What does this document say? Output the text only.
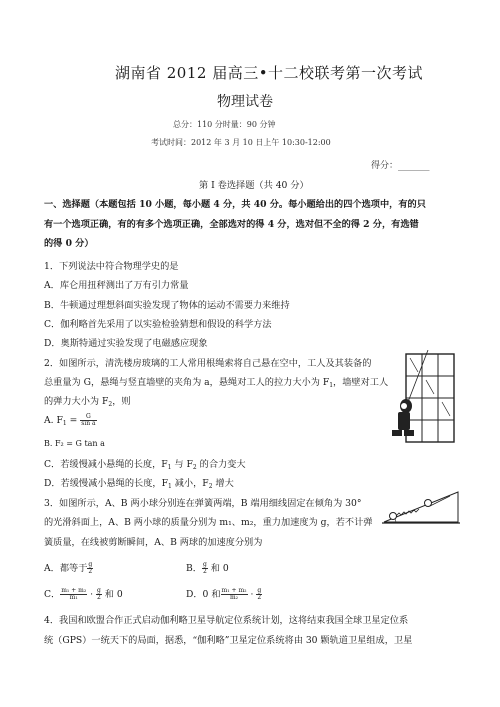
湖南省 2012 届高三•十二校联考第一次考试
物理试卷
总分：110 分时量：90 分钟
考试时间：2012 年 3 月 10 日上午 10:30-12:00
得分：_______
第 I 卷选择题（共 40 分）
一、选择题（本题包括 10 小题，每小题 4 分，共 40 分。每小题给出的四个选项中，有的只
有一个选项正确，有的有多个选项正确，全部选对的得 4 分，选对但不全的得 2 分，有选错
的得 0 分）
1．下列说法中符合物理学史的是
A．库仑用扭秤测出了万有引力常量
B．牛顿通过理想斜面实验发现了物体的运动不需要力来维持
C．伽利略首先采用了以实验检验猜想和假设的科学方法
D．奥斯特通过实验发现了电磁感应现象
2．如图所示，清洗楼房玻璃的工人常用根绳索将自己悬在空中，工人及其装备的
总重量为 G，悬绳与竖直墙壁的夹角为 a，悬绳对工人的拉力大小为 $F_1$，墙壁对工人
的弹力大小为 $F_2$，则
A. $F_1 = \frac{G}{\text{sin a}}$
B. F₂ = G tan a
C．若缓慢减小悬绳的长度，$F_1$ 与 $F_2$ 的合力变大
D．若缓慢减小悬绳的长度，$F_1$ 减小，$F_2$ 增大
3．如图所示，A、B 两小球分别连在弹簧两端，B 端用细线固定在倾角为 30°
的光滑斜面上，A、B 两小球的质量分别为 m₁、m₂，重力加速度为 g，若不计弹
簧质量，在线被剪断瞬间，A、B 两球的加速度分别为
A．都等于 $\frac{g}{2}$	B． $\frac{g}{2}$ 和 0
C． $\frac{\text{m₁ + m₂}}{\text{m₁}} \cdot \frac{g}{2}$ 和 0	D．0 和 $\frac{\text{m₁ + m₂}}{\text{m₂}} \cdot \frac{g}{2}$
4．我国和欧盟合作正式启动伽利略卫星导航定位系统计划，这将结束我国全球卫星定位系
统（GPS）一统天下的局面，据悉，“伽利略”卫星定位系统将由 30 颗轨道卫星组成，卫星
